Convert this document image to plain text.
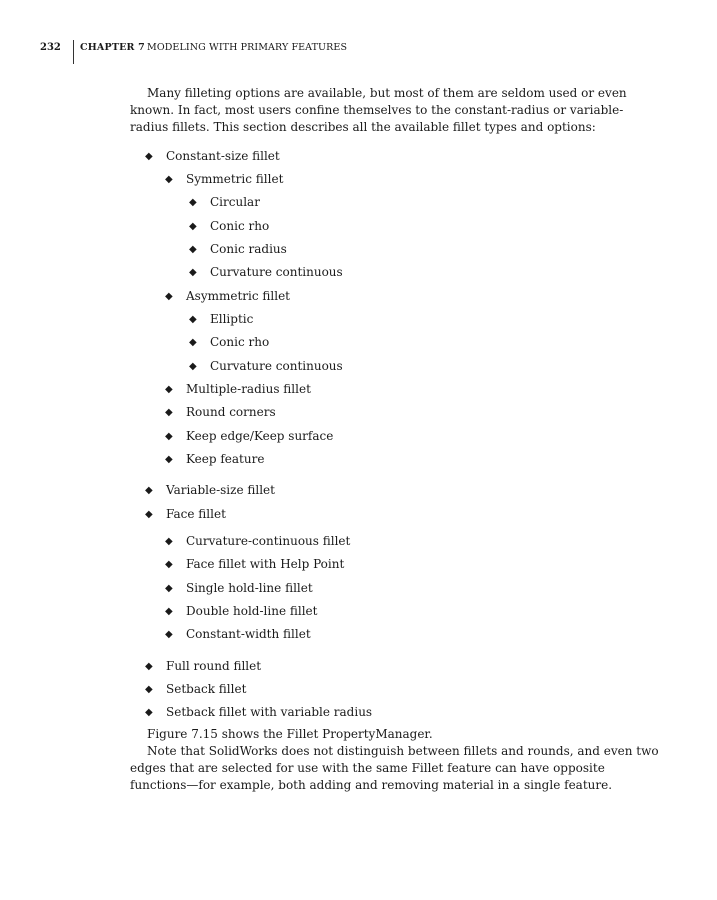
232 CHAPTER 7 MODELING WITH PRIMARY FEATURES

Many filleting options are available, but most of them are seldom used or even known. In fact, most users confine themselves to the constant-radius or variable-radius fillets. This section describes all the available fillet types and options:

◆ Constant-size fillet
◆ Symmetric fillet
◆ Circular
◆ Conic rho
◆ Conic radius
◆ Curvature continuous
◆ Asymmetric fillet
◆ Elliptic
◆ Conic rho
◆ Curvature continuous
◆ Multiple-radius fillet
◆ Round corners
◆ Keep edge/Keep surface
◆ Keep feature
◆ Variable-size fillet
◆ Face fillet
◆ Curvature-continuous fillet
◆ Face fillet with Help Point
◆ Single hold-line fillet
◆ Double hold-line fillet
◆ Constant-width fillet
◆ Full round fillet
◆ Setback fillet
◆ Setback fillet with variable radius

Figure 7.15 shows the Fillet PropertyManager.

Note that SolidWorks does not distinguish between fillets and rounds, and even two edges that are selected for use with the same Fillet feature can have opposite functions—for example, both adding and removing material in a single feature.
